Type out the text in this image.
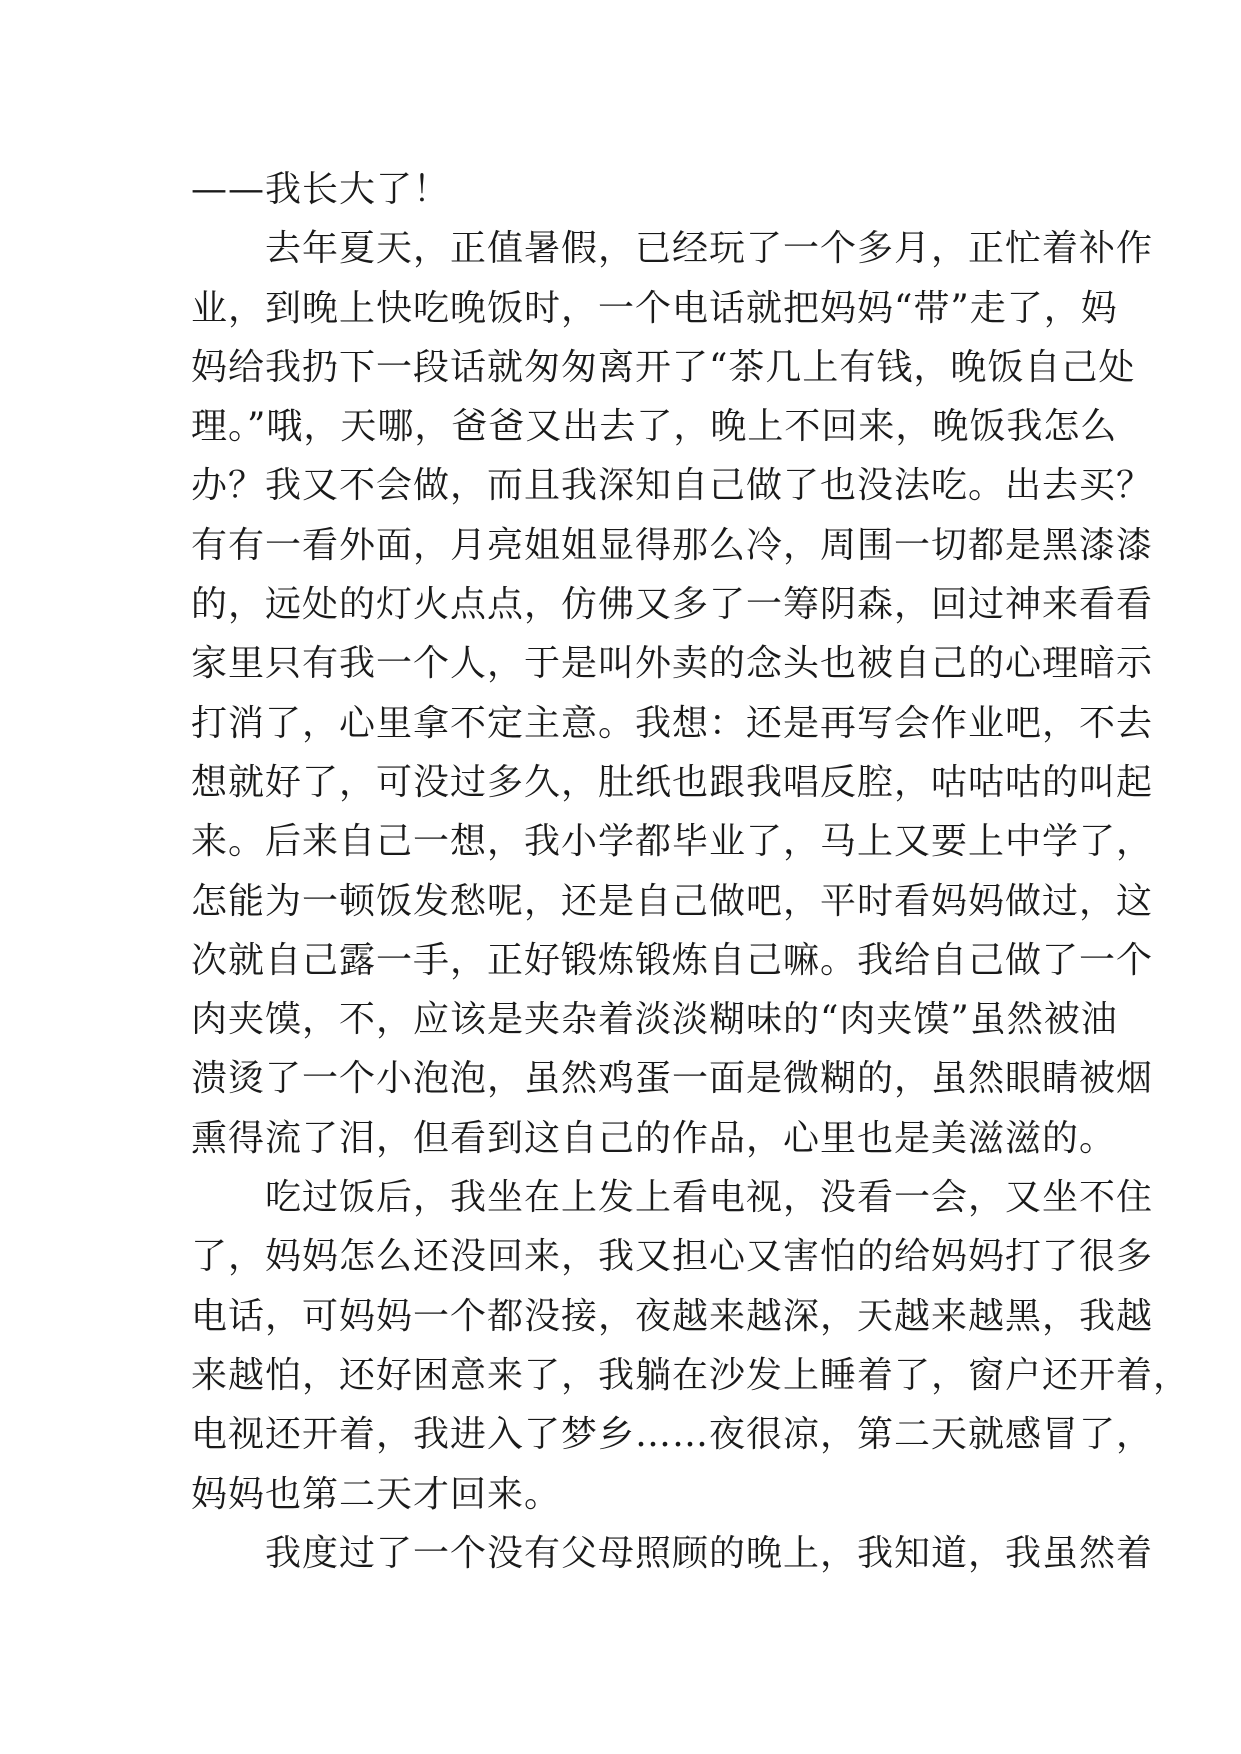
——我长大了！
　　去年夏天，正值暑假，已经玩了一个多月，正忙着补作
业，到晚上快吃晚饭时，一个电话就把妈妈“带”走了，妈
妈给我扔下一段话就匆匆离开了“茶几上有钱，晚饭自己处
理。”哦，天哪，爸爸又出去了，晚上不回来，晚饭我怎么
办？我又不会做，而且我深知自己做了也没法吃。出去买？
有有一看外面，月亮姐姐显得那么冷，周围一切都是黑漆漆
的，远处的灯火点点，仿佛又多了一筹阴森，回过神来看看
家里只有我一个人，于是叫外卖的念头也被自己的心理暗示
打消了，心里拿不定主意。我想：还是再写会作业吧，不去
想就好了，可没过多久，肚纸也跟我唱反腔，咕咕咕的叫起
来。后来自己一想，我小学都毕业了，马上又要上中学了，
怎能为一顿饭发愁呢，还是自己做吧，平时看妈妈做过，这
次就自己露一手，正好锻炼锻炼自己嘛。我给自己做了一个
肉夹馍，不，应该是夹杂着淡淡糊味的“肉夹馍”虽然被油
溃烫了一个小泡泡，虽然鸡蛋一面是微糊的，虽然眼睛被烟
熏得流了泪，但看到这自己的作品，心里也是美滋滋的。
　　吃过饭后，我坐在上发上看电视，没看一会，又坐不住
了，妈妈怎么还没回来，我又担心又害怕的给妈妈打了很多
电话，可妈妈一个都没接，夜越来越深，天越来越黑，我越
来越怕，还好困意来了，我躺在沙发上睡着了，窗户还开着，
电视还开着，我进入了梦乡……夜很凉，第二天就感冒了，
妈妈也第二天才回来。
　　我度过了一个没有父母照顾的晚上，我知道，我虽然着
